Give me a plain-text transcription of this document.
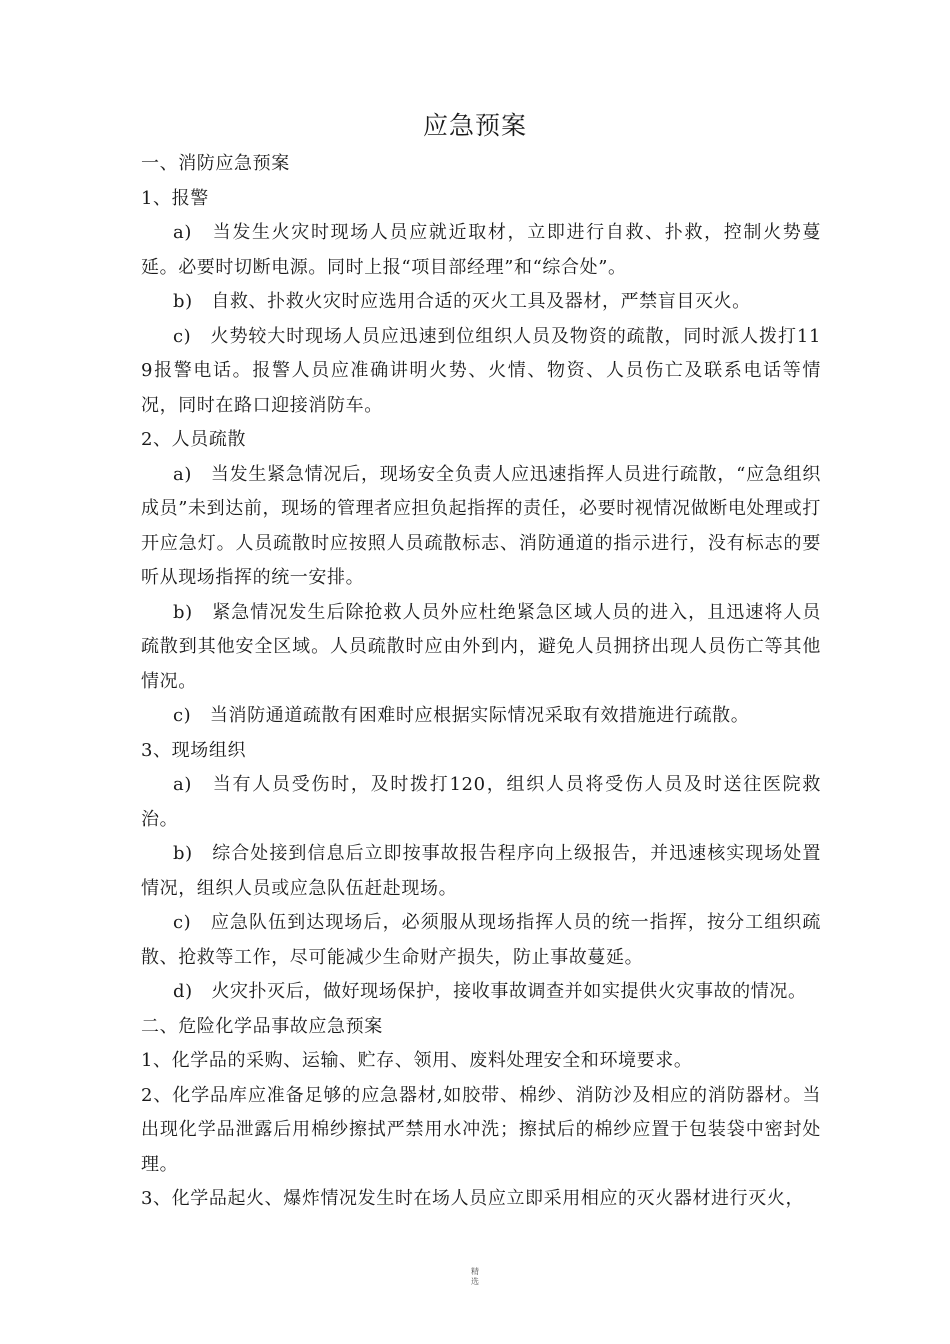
应急预案

一、消防应急预案

1、报警

a)　当发生火灾时现场人员应就近取材，立即进行自救、扑救，控制火势蔓延。必要时切断电源。同时上报“项目部经理”和“综合处”。

b)　自救、扑救火灾时应选用合适的灭火工具及器材，严禁盲目灭火。

c)　火势较大时现场人员应迅速到位组织人员及物资的疏散，同时派人拨打119报警电话。报警人员应准确讲明火势、火情、物资、人员伤亡及联系电话等情况，同时在路口迎接消防车。

2、人员疏散

a)　当发生紧急情况后，现场安全负责人应迅速指挥人员进行疏散，“应急组织成员”未到达前，现场的管理者应担负起指挥的责任，必要时视情况做断电处理或打开应急灯。人员疏散时应按照人员疏散标志、消防通道的指示进行，没有标志的要听从现场指挥的统一安排。

b)　紧急情况发生后除抢救人员外应杜绝紧急区域人员的进入，且迅速将人员疏散到其他安全区域。人员疏散时应由外到内，避免人员拥挤出现人员伤亡等其他情况。

c)　当消防通道疏散有困难时应根据实际情况采取有效措施进行疏散。

3、现场组织

a)　当有人员受伤时，及时拨打120，组织人员将受伤人员及时送往医院救治。

b)　综合处接到信息后立即按事故报告程序向上级报告，并迅速核实现场处置情况，组织人员或应急队伍赶赴现场。

c)　应急队伍到达现场后，必须服从现场指挥人员的统一指挥，按分工组织疏散、抢救等工作，尽可能减少生命财产损失，防止事故蔓延。

d)　火灾扑灭后，做好现场保护，接收事故调查并如实提供火灾事故的情况。

二、危险化学品事故应急预案

1、化学品的采购、运输、贮存、领用、废料处理安全和环境要求。

2、化学品库应准备足够的应急器材,如胶带、棉纱、消防沙及相应的消防器材。当出现化学品泄露后用棉纱擦拭严禁用水冲洗；擦拭后的棉纱应置于包装袋中密封处理。

3、化学品起火、爆炸情况发生时在场人员应立即采用相应的灭火器材进行灭火，

精
选
